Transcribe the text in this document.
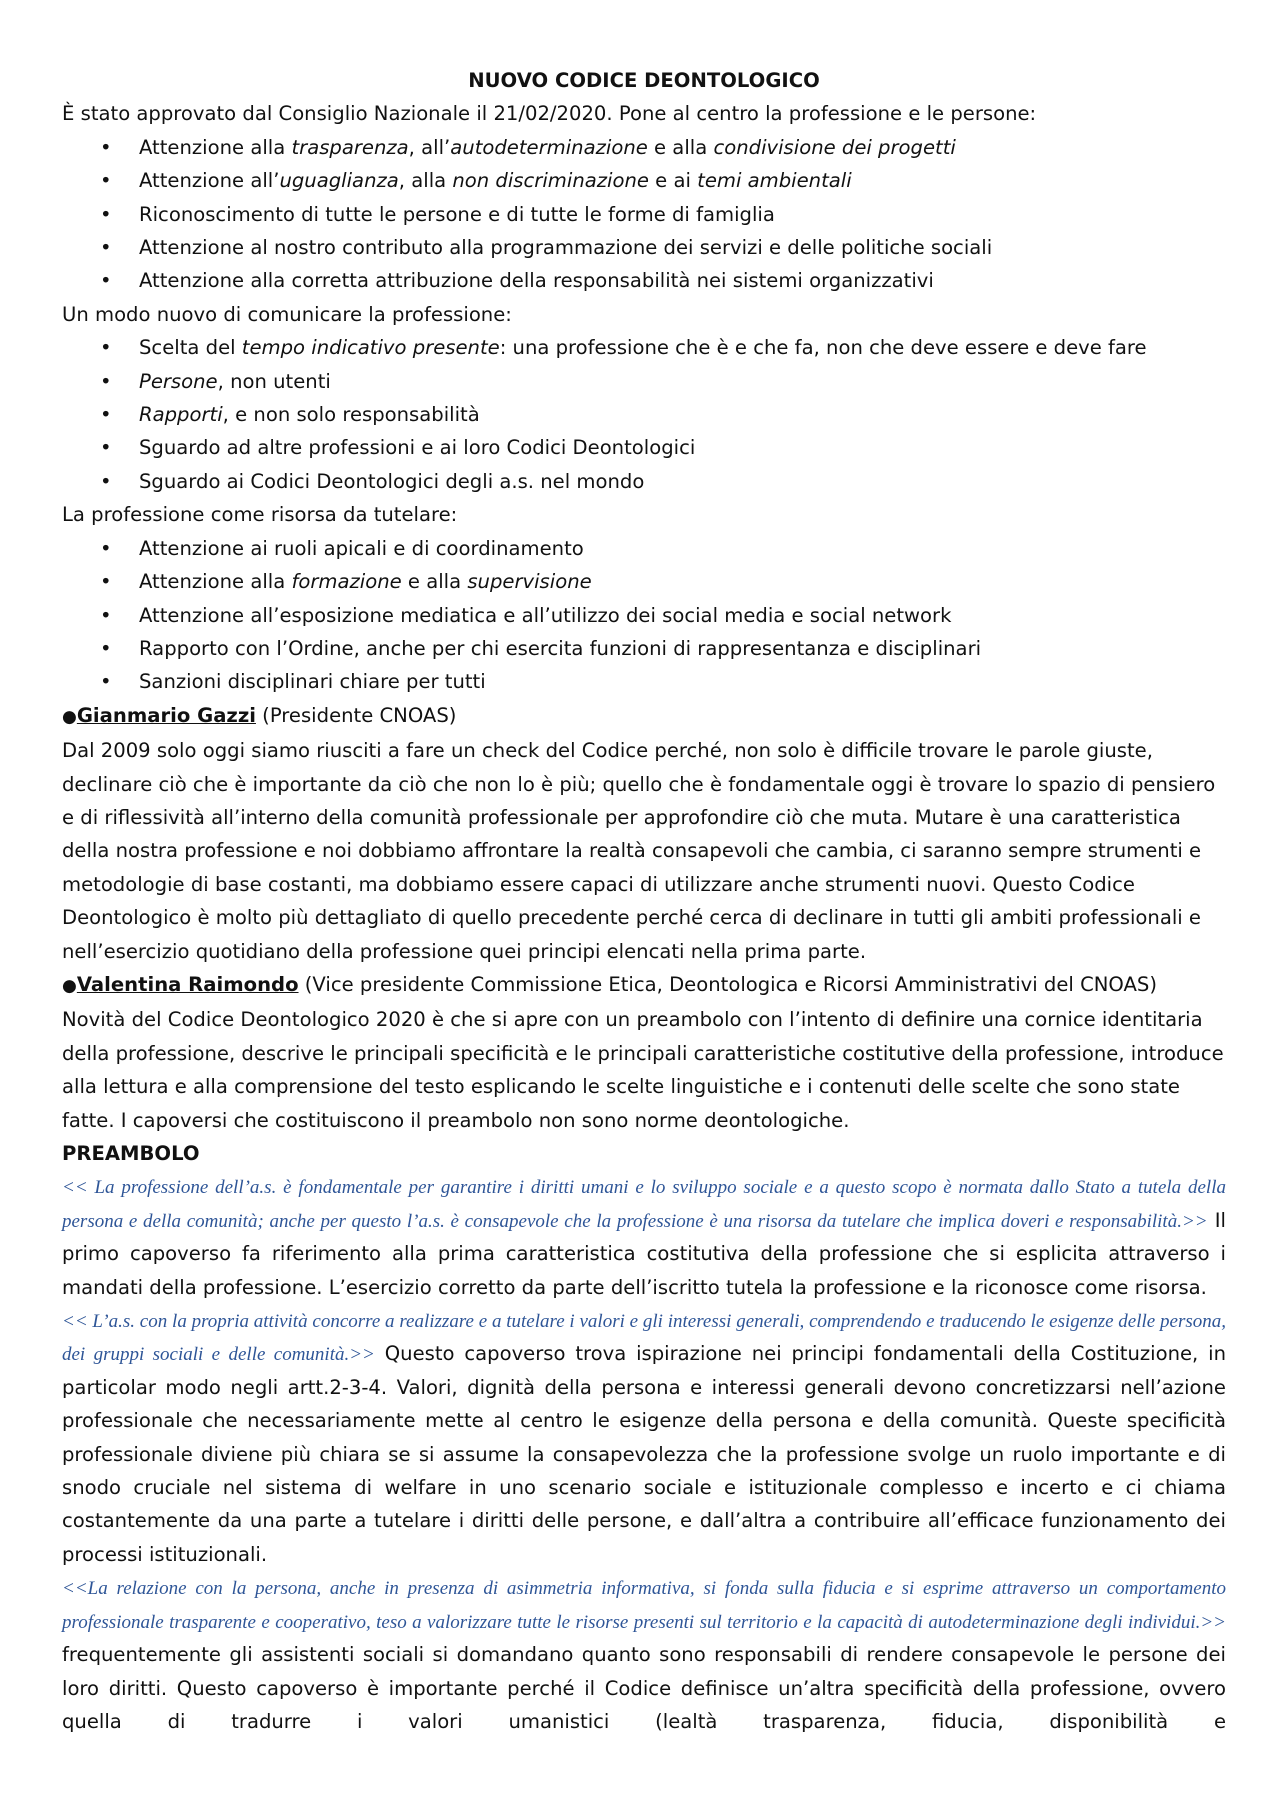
NUOVO CODICE DEONTOLOGICO

È stato approvato dal Consiglio Nazionale il 21/02/2020. Pone al centro la professione e le persone:

• Attenzione alla trasparenza, all’autodeterminazione e alla condivisione dei progetti
• Attenzione all’uguaglianza, alla non discriminazione e ai temi ambientali
• Riconoscimento di tutte le persone e di tutte le forme di famiglia
• Attenzione al nostro contributo alla programmazione dei servizi e delle politiche sociali
• Attenzione alla corretta attribuzione della responsabilità nei sistemi organizzativi

Un modo nuovo di comunicare la professione:

• Scelta del tempo indicativo presente: una professione che è e che fa, non che deve essere e deve fare
• Persone, non utenti
• Rapporti, e non solo responsabilità
• Sguardo ad altre professioni e ai loro Codici Deontologici
• Sguardo ai Codici Deontologici degli a.s. nel mondo

La professione come risorsa da tutelare:

• Attenzione ai ruoli apicali e di coordinamento
• Attenzione alla formazione e alla supervisione
• Attenzione all’esposizione mediatica e all’utilizzo dei social media e social network
• Rapporto con l’Ordine, anche per chi esercita funzioni di rappresentanza e disciplinari
• Sanzioni disciplinari chiare per tutti

●Gianmario Gazzi (Presidente CNOAS)

Dal 2009 solo oggi siamo riusciti a fare un check del Codice perché, non solo è difficile trovare le parole giuste, declinare ciò che è importante da ciò che non lo è più; quello che è fondamentale oggi è trovare lo spazio di pensiero e di riflessività all’interno della comunità professionale per approfondire ciò che muta. Mutare è una caratteristica della nostra professione e noi dobbiamo affrontare la realtà consapevoli che cambia, ci saranno sempre strumenti e metodologie di base costanti, ma dobbiamo essere capaci di utilizzare anche strumenti nuovi. Questo Codice Deontologico è molto più dettagliato di quello precedente perché cerca di declinare in tutti gli ambiti professionali e nell’esercizio quotidiano della professione quei principi elencati nella prima parte.

●Valentina Raimondo (Vice presidente Commissione Etica, Deontologica e Ricorsi Amministrativi del CNOAS)

Novità del Codice Deontologico 2020 è che si apre con un preambolo con l’intento di definire una cornice identitaria della professione, descrive le principali specificità e le principali caratteristiche costitutive della professione, introduce alla lettura e alla comprensione del testo esplicando le scelte linguistiche e i contenuti delle scelte che sono state fatte. I capoversi che costituiscono il preambolo non sono norme deontologiche.

PREAMBOLO

<< La professione dell’a.s. è fondamentale per garantire i diritti umani e lo sviluppo sociale e a questo scopo è normata dallo Stato a tutela della persona e della comunità; anche per questo l’a.s. è consapevole che la professione è una risorsa da tutelare che implica doveri e responsabilità.>> Il primo capoverso fa riferimento alla prima caratteristica costitutiva della professione che si esplicita attraverso i mandati della professione. L’esercizio corretto da parte dell’iscritto tutela la professione e la riconosce come risorsa.

<< L’a.s. con la propria attività concorre a realizzare e a tutelare i valori e gli interessi generali, comprendendo e traducendo le esigenze delle persona, dei gruppi sociali e delle comunità.>> Questo capoverso trova ispirazione nei principi fondamentali della Costituzione, in particolar modo negli artt.2-3-4. Valori, dignità della persona e interessi generali devono concretizzarsi nell’azione professionale che necessariamente mette al centro le esigenze della persona e della comunità. Queste specificità professionale diviene più chiara se si assume la consapevolezza che la professione svolge un ruolo importante e di snodo cruciale nel sistema di welfare in uno scenario sociale e istituzionale complesso e incerto e ci chiama costantemente da una parte a tutelare i diritti delle persone, e dall’altra a contribuire all’efficace funzionamento dei processi istituzionali.

<<La relazione con la persona, anche in presenza di asimmetria informativa, si fonda sulla fiducia e si esprime attraverso un comportamento professionale trasparente e cooperativo, teso a valorizzare tutte le risorse presenti sul territorio e la capacità di autodeterminazione degli individui.>> frequentemente gli assistenti sociali si domandano quanto sono responsabili di rendere consapevole le persone dei loro diritti. Questo capoverso è importante perché il Codice definisce un’altra specificità della professione, ovvero quella di tradurre i valori umanistici (lealtà trasparenza, fiducia, disponibilità e
